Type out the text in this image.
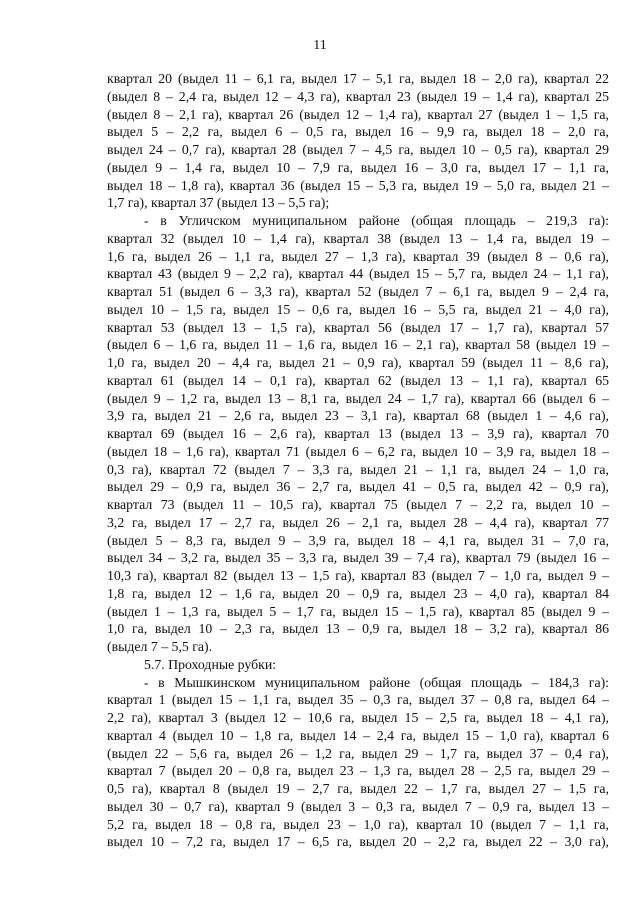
11
квартал 20 (выдел 11 – 6,1 га, выдел 17 – 5,1 га, выдел 18 – 2,0 га), квартал 22
(выдел 8 – 2,4 га, выдел 12 – 4,3 га), квартал 23 (выдел 19 – 1,4 га), квартал 25
(выдел 8 – 2,1 га), квартал 26 (выдел 12 – 1,4 га), квартал 27 (выдел 1 – 1,5 га,
выдел 5 – 2,2 га, выдел 6 – 0,5 га, выдел 16 – 9,9 га, выдел 18 – 2,0 га,
выдел 24 – 0,7 га), квартал 28 (выдел 7 – 4,5 га, выдел 10 – 0,5 га), квартал 29
(выдел 9 – 1,4 га, выдел 10 – 7,9 га, выдел 16 – 3,0 га, выдел 17 – 1,1 га,
выдел 18 – 1,8 га), квартал 36 (выдел 15 – 5,3 га, выдел 19 – 5,0 га, выдел 21 –
1,7 га), квартал 37 (выдел 13 – 5,5 га);
- в Угличском муниципальном районе (общая площадь – 219,3 га):
квартал 32 (выдел 10 – 1,4 га), квартал 38 (выдел 13 – 1,4 га, выдел 19 –
1,6 га, выдел 26 – 1,1 га, выдел 27 – 1,3 га), квартал 39 (выдел 8 – 0,6 га),
квартал 43 (выдел 9 – 2,2 га), квартал 44 (выдел 15 – 5,7 га, выдел 24 – 1,1 га),
квартал 51 (выдел 6 – 3,3 га), квартал 52 (выдел 7 – 6,1 га, выдел 9 – 2,4 га,
выдел 10 – 1,5 га, выдел 15 – 0,6 га, выдел 16 – 5,5 га, выдел 21 – 4,0 га),
квартал 53 (выдел 13 – 1,5 га), квартал 56 (выдел 17 – 1,7 га), квартал 57
(выдел 6 – 1,6 га, выдел 11 – 1,6 га, выдел 16 – 2,1 га), квартал 58 (выдел 19 –
1,0 га, выдел 20 – 4,4 га, выдел 21 – 0,9 га), квартал 59 (выдел 11 – 8,6 га),
квартал 61 (выдел 14 – 0,1 га), квартал 62 (выдел 13 – 1,1 га), квартал 65
(выдел 9 – 1,2 га, выдел 13 – 8,1 га, выдел 24 – 1,7 га), квартал 66 (выдел 6 –
3,9 га, выдел 21 – 2,6 га, выдел 23 – 3,1 га), квартал 68 (выдел 1 – 4,6 га),
квартал 69 (выдел 16 – 2,6 га), квартал 13 (выдел 13 – 3,9 га), квартал 70
(выдел 18 – 1,6 га), квартал 71 (выдел 6 – 6,2 га, выдел 10 – 3,9 га, выдел 18 –
0,3 га), квартал 72 (выдел 7 – 3,3 га, выдел 21 – 1,1 га, выдел 24 – 1,0 га,
выдел 29 – 0,9 га, выдел 36 – 2,7 га, выдел 41 – 0,5 га, выдел 42 – 0,9 га),
квартал 73 (выдел 11 – 10,5 га), квартал 75 (выдел 7 – 2,2 га, выдел 10 –
3,2 га, выдел 17 – 2,7 га, выдел 26 – 2,1 га, выдел 28 – 4,4 га), квартал 77
(выдел 5 – 8,3 га, выдел 9 – 3,9 га, выдел 18 – 4,1 га, выдел 31 – 7,0 га,
выдел 34 – 3,2 га, выдел 35 – 3,3 га, выдел 39 – 7,4 га), квартал 79 (выдел 16 –
10,3 га), квартал 82 (выдел 13 – 1,5 га), квартал 83 (выдел 7 – 1,0 га, выдел 9 –
1,8 га, выдел 12 – 1,6 га, выдел 20 – 0,9 га, выдел 23 – 4,0 га), квартал 84
(выдел 1 – 1,3 га, выдел 5 – 1,7 га, выдел 15 – 1,5 га), квартал 85 (выдел 9 –
1,0 га, выдел 10 – 2,3 га, выдел 13 – 0,9 га, выдел 18 – 3,2 га), квартал 86
(выдел 7 – 5,5 га).
5.7. Проходные рубки:
- в Мышкинском муниципальном районе (общая площадь – 184,3 га):
квартал 1 (выдел 15 – 1,1 га, выдел 35 – 0,3 га, выдел 37 – 0,8 га, выдел 64 –
2,2 га), квартал 3 (выдел 12 – 10,6 га, выдел 15 – 2,5 га, выдел 18 – 4,1 га),
квартал 4 (выдел 10 – 1,8 га, выдел 14 – 2,4 га, выдел 15 – 1,0 га), квартал 6
(выдел 22 – 5,6 га, выдел 26 – 1,2 га, выдел 29 – 1,7 га, выдел 37 – 0,4 га),
квартал 7 (выдел 20 – 0,8 га, выдел 23 – 1,3 га, выдел 28 – 2,5 га, выдел 29 –
0,5 га), квартал 8 (выдел 19 – 2,7 га, выдел 22 – 1,7 га, выдел 27 – 1,5 га,
выдел 30 – 0,7 га), квартал 9 (выдел 3 – 0,3 га, выдел 7 – 0,9 га, выдел 13 –
5,2 га, выдел 18 – 0,8 га, выдел 23 – 1,0 га), квартал 10 (выдел 7 – 1,1 га,
выдел 10 – 7,2 га, выдел 17 – 6,5 га, выдел 20 – 2,2 га, выдел 22 – 3,0 га),
